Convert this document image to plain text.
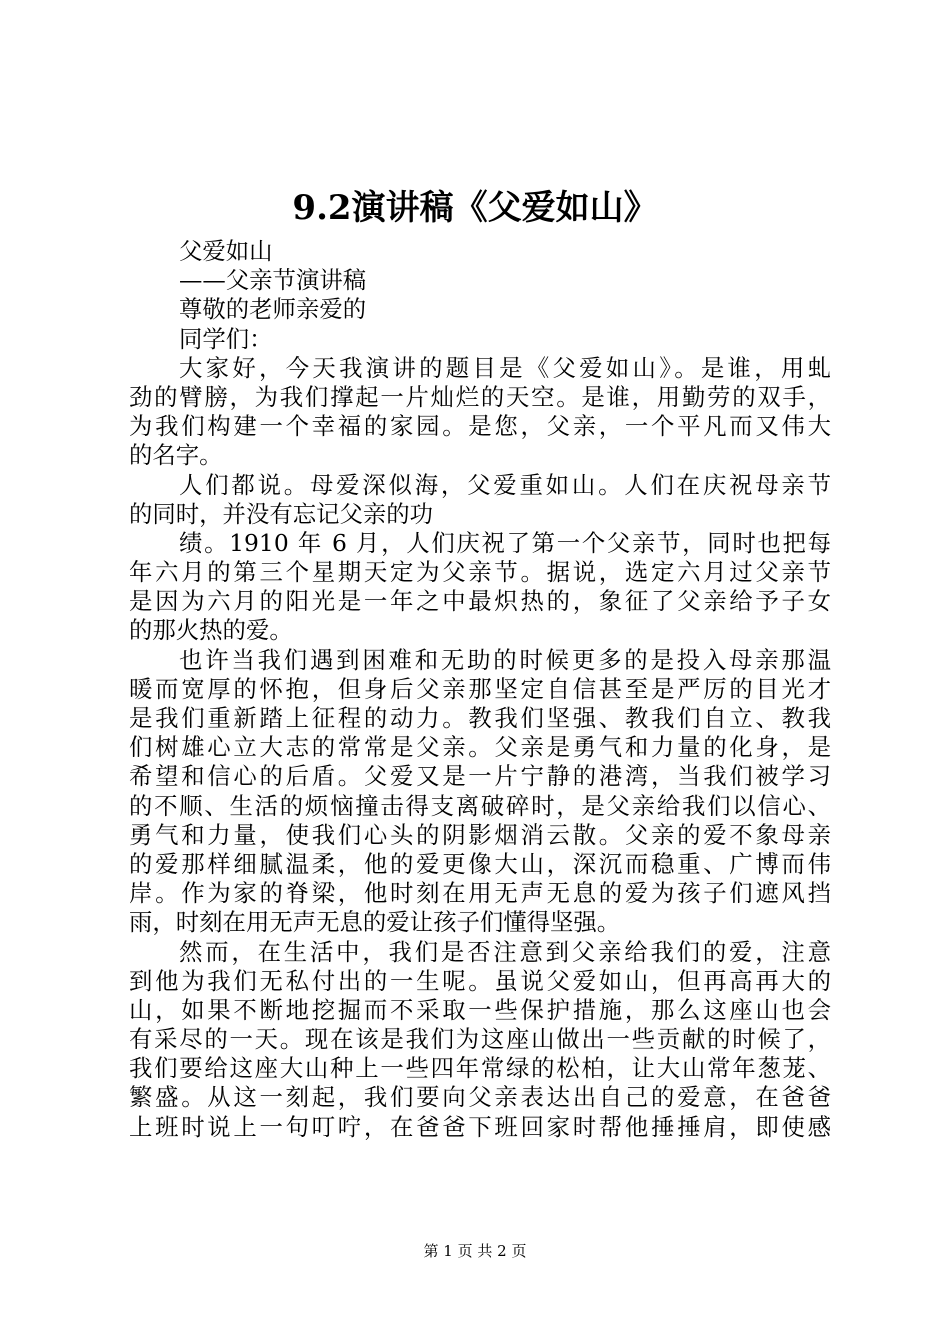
9.2演讲稿《父爱如山》
父爱如山
——父亲节演讲稿
尊敬的老师亲爱的
同学们：
大家好，今天我演讲的题目是《父爱如山》。是谁，用虬
劲的臂膀，为我们撑起一片灿烂的天空。是谁，用勤劳的双手，
为我们构建一个幸福的家园。是您，父亲，一个平凡而又伟大
的名字。
人们都说。母爱深似海，父爱重如山。人们在庆祝母亲节
的同时，并没有忘记父亲的功
绩。1910 年 6 月，人们庆祝了第一个父亲节，同时也把每
年六月的第三个星期天定为父亲节。据说，选定六月过父亲节
是因为六月的阳光是一年之中最炽热的，象征了父亲给予子女
的那火热的爱。
也许当我们遇到困难和无助的时候更多的是投入母亲那温
暖而宽厚的怀抱，但身后父亲那坚定自信甚至是严厉的目光才
是我们重新踏上征程的动力。教我们坚强、教我们自立、教我
们树雄心立大志的常常是父亲。父亲是勇气和力量的化身，是
希望和信心的后盾。父爱又是一片宁静的港湾，当我们被学习
的不顺、生活的烦恼撞击得支离破碎时，是父亲给我们以信心、
勇气和力量，使我们心头的阴影烟消云散。父亲的爱不象母亲
的爱那样细腻温柔，他的爱更像大山，深沉而稳重、广博而伟
岸。作为家的脊梁，他时刻在用无声无息的爱为孩子们遮风挡
雨，时刻在用无声无息的爱让孩子们懂得坚强。
然而，在生活中，我们是否注意到父亲给我们的爱，注意
到他为我们无私付出的一生呢。虽说父爱如山，但再高再大的
山，如果不断地挖掘而不采取一些保护措施，那么这座山也会
有采尽的一天。现在该是我们为这座山做出一些贡献的时候了，
我们要给这座大山种上一些四年常绿的松柏，让大山常年葱茏、
繁盛。从这一刻起，我们要向父亲表达出自己的爱意，在爸爸
上班时说上一句叮咛，在爸爸下班回家时帮他捶捶肩，即使感
第 1 页 共 2 页
